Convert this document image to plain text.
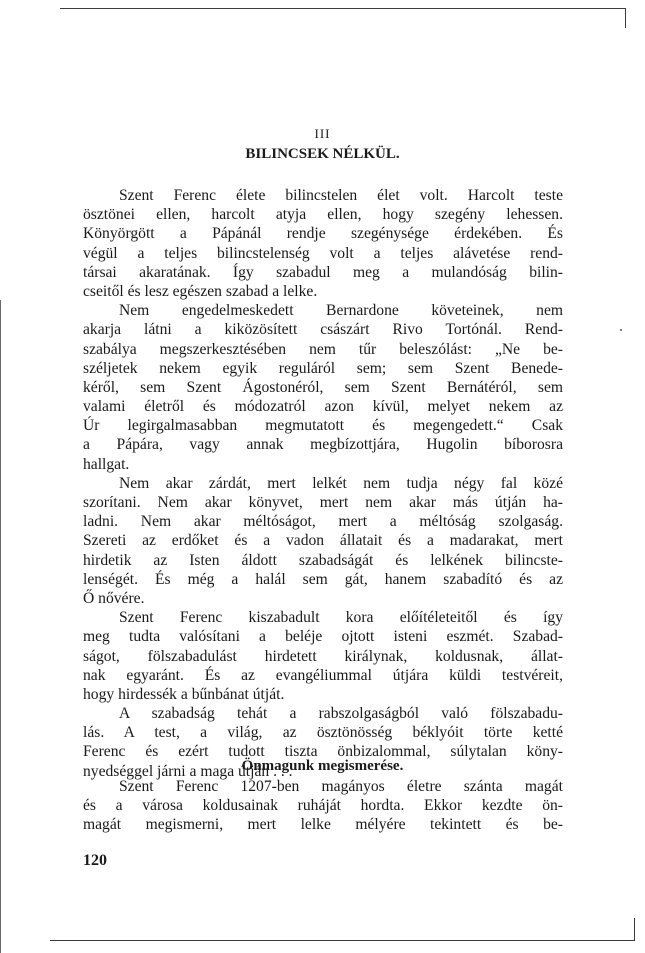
III
BILINCSEK NÉLKÜL.
Szent Ferenc élete bilincstelen élet volt. Harcolt teste
ösztönei ellen, harcolt atyja ellen, hogy szegény lehessen.
Könyörgött a Pápánál rendje szegénysége érdekében. És
végül a teljes bilincstelenség volt a teljes alávetése rend-
társai akaratának. Így szabadul meg a mulandóság bilin-
cseitől és lesz egészen szabad a lelke.
Nem engedelmeskedett Bernardone követeinek, nem
akarja látni a kiközösített császárt Rivo Tortónál. Rend-
szabálya megszerkesztésében nem tűr beleszólást: „Ne be-
széljetek nekem egyik reguláról sem; sem Szent Benede-
kéről, sem Szent Ágostonéról, sem Szent Bernátéról, sem
valami életről és módozatról azon kívül, melyet nekem az
Úr legirgalmasabban megmutatott és megengedett.“ Csak
a Pápára, vagy annak megbízottjára, Hugolin bíborosra
hallgat.
Nem akar zárdát, mert lelkét nem tudja négy fal közé
szorítani. Nem akar könyvet, mert nem akar más útján ha-
ladni. Nem akar méltóságot, mert a méltóság szolgaság.
Szereti az erdőket és a vadon állatait és a madarakat, mert
hirdetik az Isten áldott szabadságát és lelkének bilincste-
lenségét. És még a halál sem gát, hanem szabadító és az
Ő nővére.
Szent Ferenc kiszabadult kora előítéleteitől és így
meg tudta valósítani a beléje ojtott isteni eszmét. Szabad-
ságot, fölszabadulást hirdetett királynak, koldusnak, állat-
nak egyaránt. És az evangéliummal útjára küldi testvéreit,
hogy hirdessék a bűnbánat útját.
A szabadság tehát a rabszolgaságból való fölszabadu-
lás. A test, a világ, az ösztönösség béklyóit törte ketté
Ferenc és ezért tudott tiszta önbizalommal, súlytalan köny-
nyedséggel járni a maga útján . . .
Önmagunk megismerése.
Szent Ferenc 1207-ben magányos életre szánta magát
és a városa koldusainak ruháját hordta. Ekkor kezdte ön-
magát megismerni, mert lelke mélyére tekintett és be-
120
